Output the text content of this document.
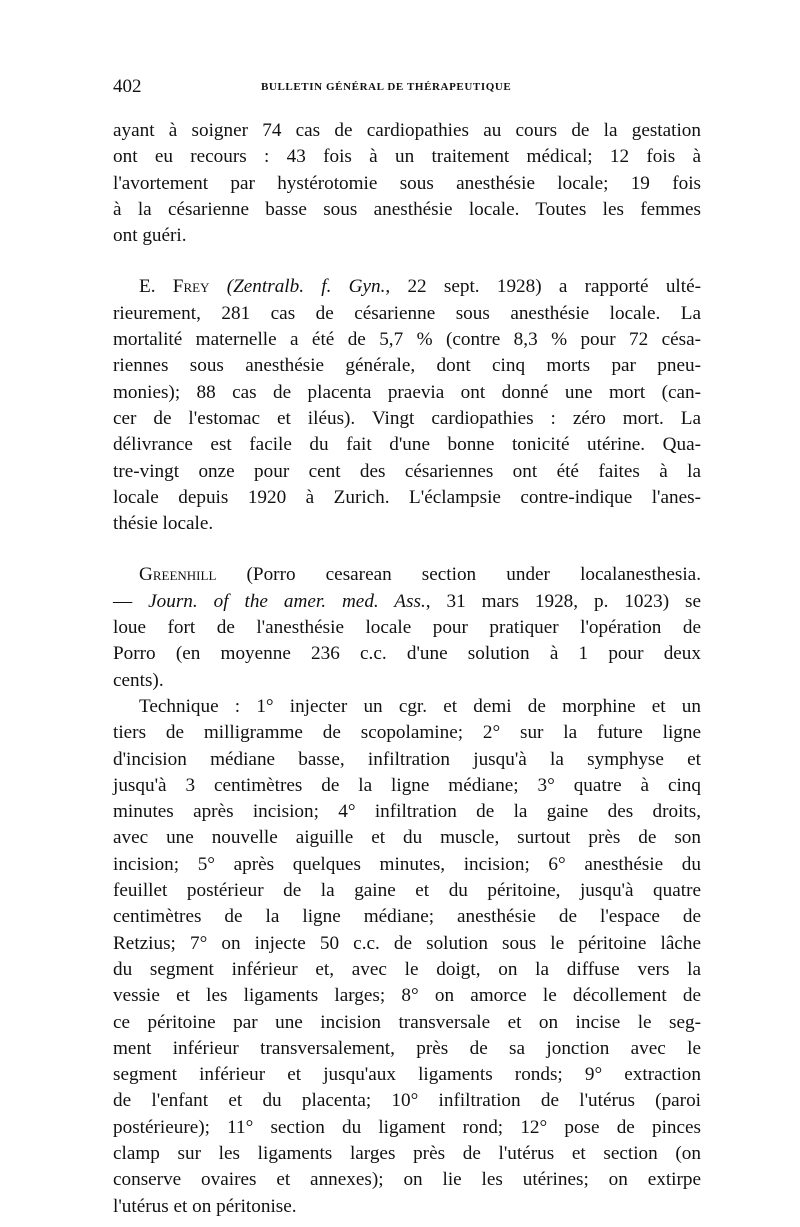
402	BULLETIN GÉNÉRAL DE THÉRAPEUTIQUE
ayant à soigner 74 cas de cardiopathies au cours de la gestation
ont eu recours : 43 fois à un traitement médical; 12 fois à
l'avortement par hystérotomie sous anesthésie locale; 19 fois
à la césarienne basse sous anesthésie locale. Toutes les femmes
ont guéri.
E. Frey (Zentralb. f. Gyn., 22 sept. 1928) a rapporté ulté-
rieurement, 281 cas de césarienne sous anesthésie locale. La
mortalité maternelle a été de 5,7 % (contre 8,3 % pour 72 césa-
riennes sous anesthésie générale, dont cinq morts par pneu-
monies); 88 cas de placenta praevia ont donné une mort (can-
cer de l'estomac et iléus). Vingt cardiopathies : zéro mort. La
délivrance est facile du fait d'une bonne tonicité utérine. Qua-
tre-vingt onze pour cent des césariennes ont été faites à la
locale depuis 1920 à Zurich. L'éclampsie contre-indique l'anes-
thésie locale.
Greenhill (Porro cesarean section under localanesthesia.
— Journ. of the amer. med. Ass., 31 mars 1928, p. 1023) se
loue fort de l'anesthésie locale pour pratiquer l'opération de
Porro (en moyenne 236 c.c. d'une solution à 1 pour deux
cents).
Technique : 1° injecter un cgr. et demi de morphine et un
tiers de milligramme de scopolamine; 2° sur la future ligne
d'incision médiane basse, infiltration jusqu'à la symphyse et
jusqu'à 3 centimètres de la ligne médiane; 3° quatre à cinq
minutes après incision; 4° infiltration de la gaine des droits,
avec une nouvelle aiguille et du muscle, surtout près de son
incision; 5° après quelques minutes, incision; 6° anesthésie du
feuillet postérieur de la gaine et du péritoine, jusqu'à quatre
centimètres de la ligne médiane; anesthésie de l'espace de
Retzius; 7° on injecte 50 c.c. de solution sous le péritoine lâche
du segment inférieur et, avec le doigt, on la diffuse vers la
vessie et les ligaments larges; 8° on amorce le décollement de
ce péritoine par une incision transversale et on incise le seg-
ment inférieur transversalement, près de sa jonction avec le
segment inférieur et jusqu'aux ligaments ronds; 9° extraction
de l'enfant et du placenta; 10° infiltration de l'utérus (paroi
postérieure); 11° section du ligament rond; 12° pose de pinces
clamp sur les ligaments larges près de l'utérus et section (on
conserve ovaires et annexes); on lie les utérines; on extirpe
l'utérus et on péritonise.
